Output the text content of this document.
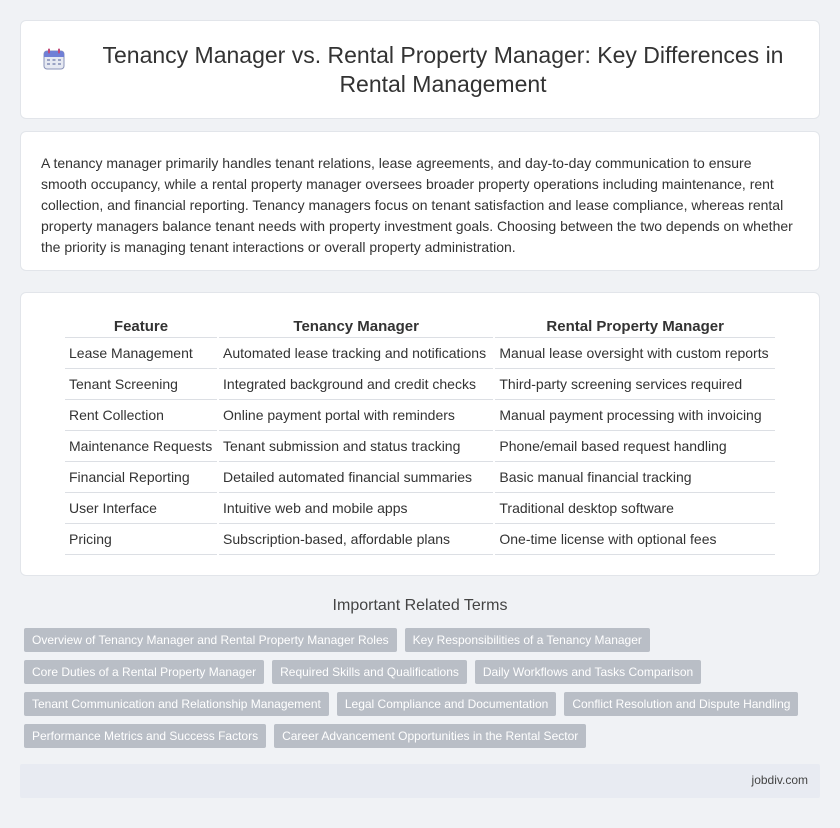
Tenancy Manager vs. Rental Property Manager: Key Differences in Rental Management

A tenancy manager primarily handles tenant relations, lease agreements, and day-to-day communication to ensure smooth occupancy, while a rental property manager oversees broader property operations including maintenance, rent collection, and financial reporting. Tenancy managers focus on tenant satisfaction and lease compliance, whereas rental property managers balance tenant needs with property investment goals. Choosing between the two depends on whether the priority is managing tenant interactions or overall property administration.

Feature	Tenancy Manager	Rental Property Manager
Lease Management	Automated lease tracking and notifications	Manual lease oversight with custom reports
Tenant Screening	Integrated background and credit checks	Third-party screening services required
Rent Collection	Online payment portal with reminders	Manual payment processing with invoicing
Maintenance Requests	Tenant submission and status tracking	Phone/email based request handling
Financial Reporting	Detailed automated financial summaries	Basic manual financial tracking
User Interface	Intuitive web and mobile apps	Traditional desktop software
Pricing	Subscription-based, affordable plans	One-time license with optional fees
Important Related Terms
Overview of Tenancy Manager and Rental Property Manager Roles	Key Responsibilities of a Tenancy Manager
Core Duties of a Rental Property Manager	Required Skills and Qualifications	Daily Workflows and Tasks Comparison
Tenant Communication and Relationship Management	Legal Compliance and Documentation	Conflict Resolution and Dispute Handling
Performance Metrics and Success Factors	Career Advancement Opportunities in the Rental Sector
jobdiv.com
